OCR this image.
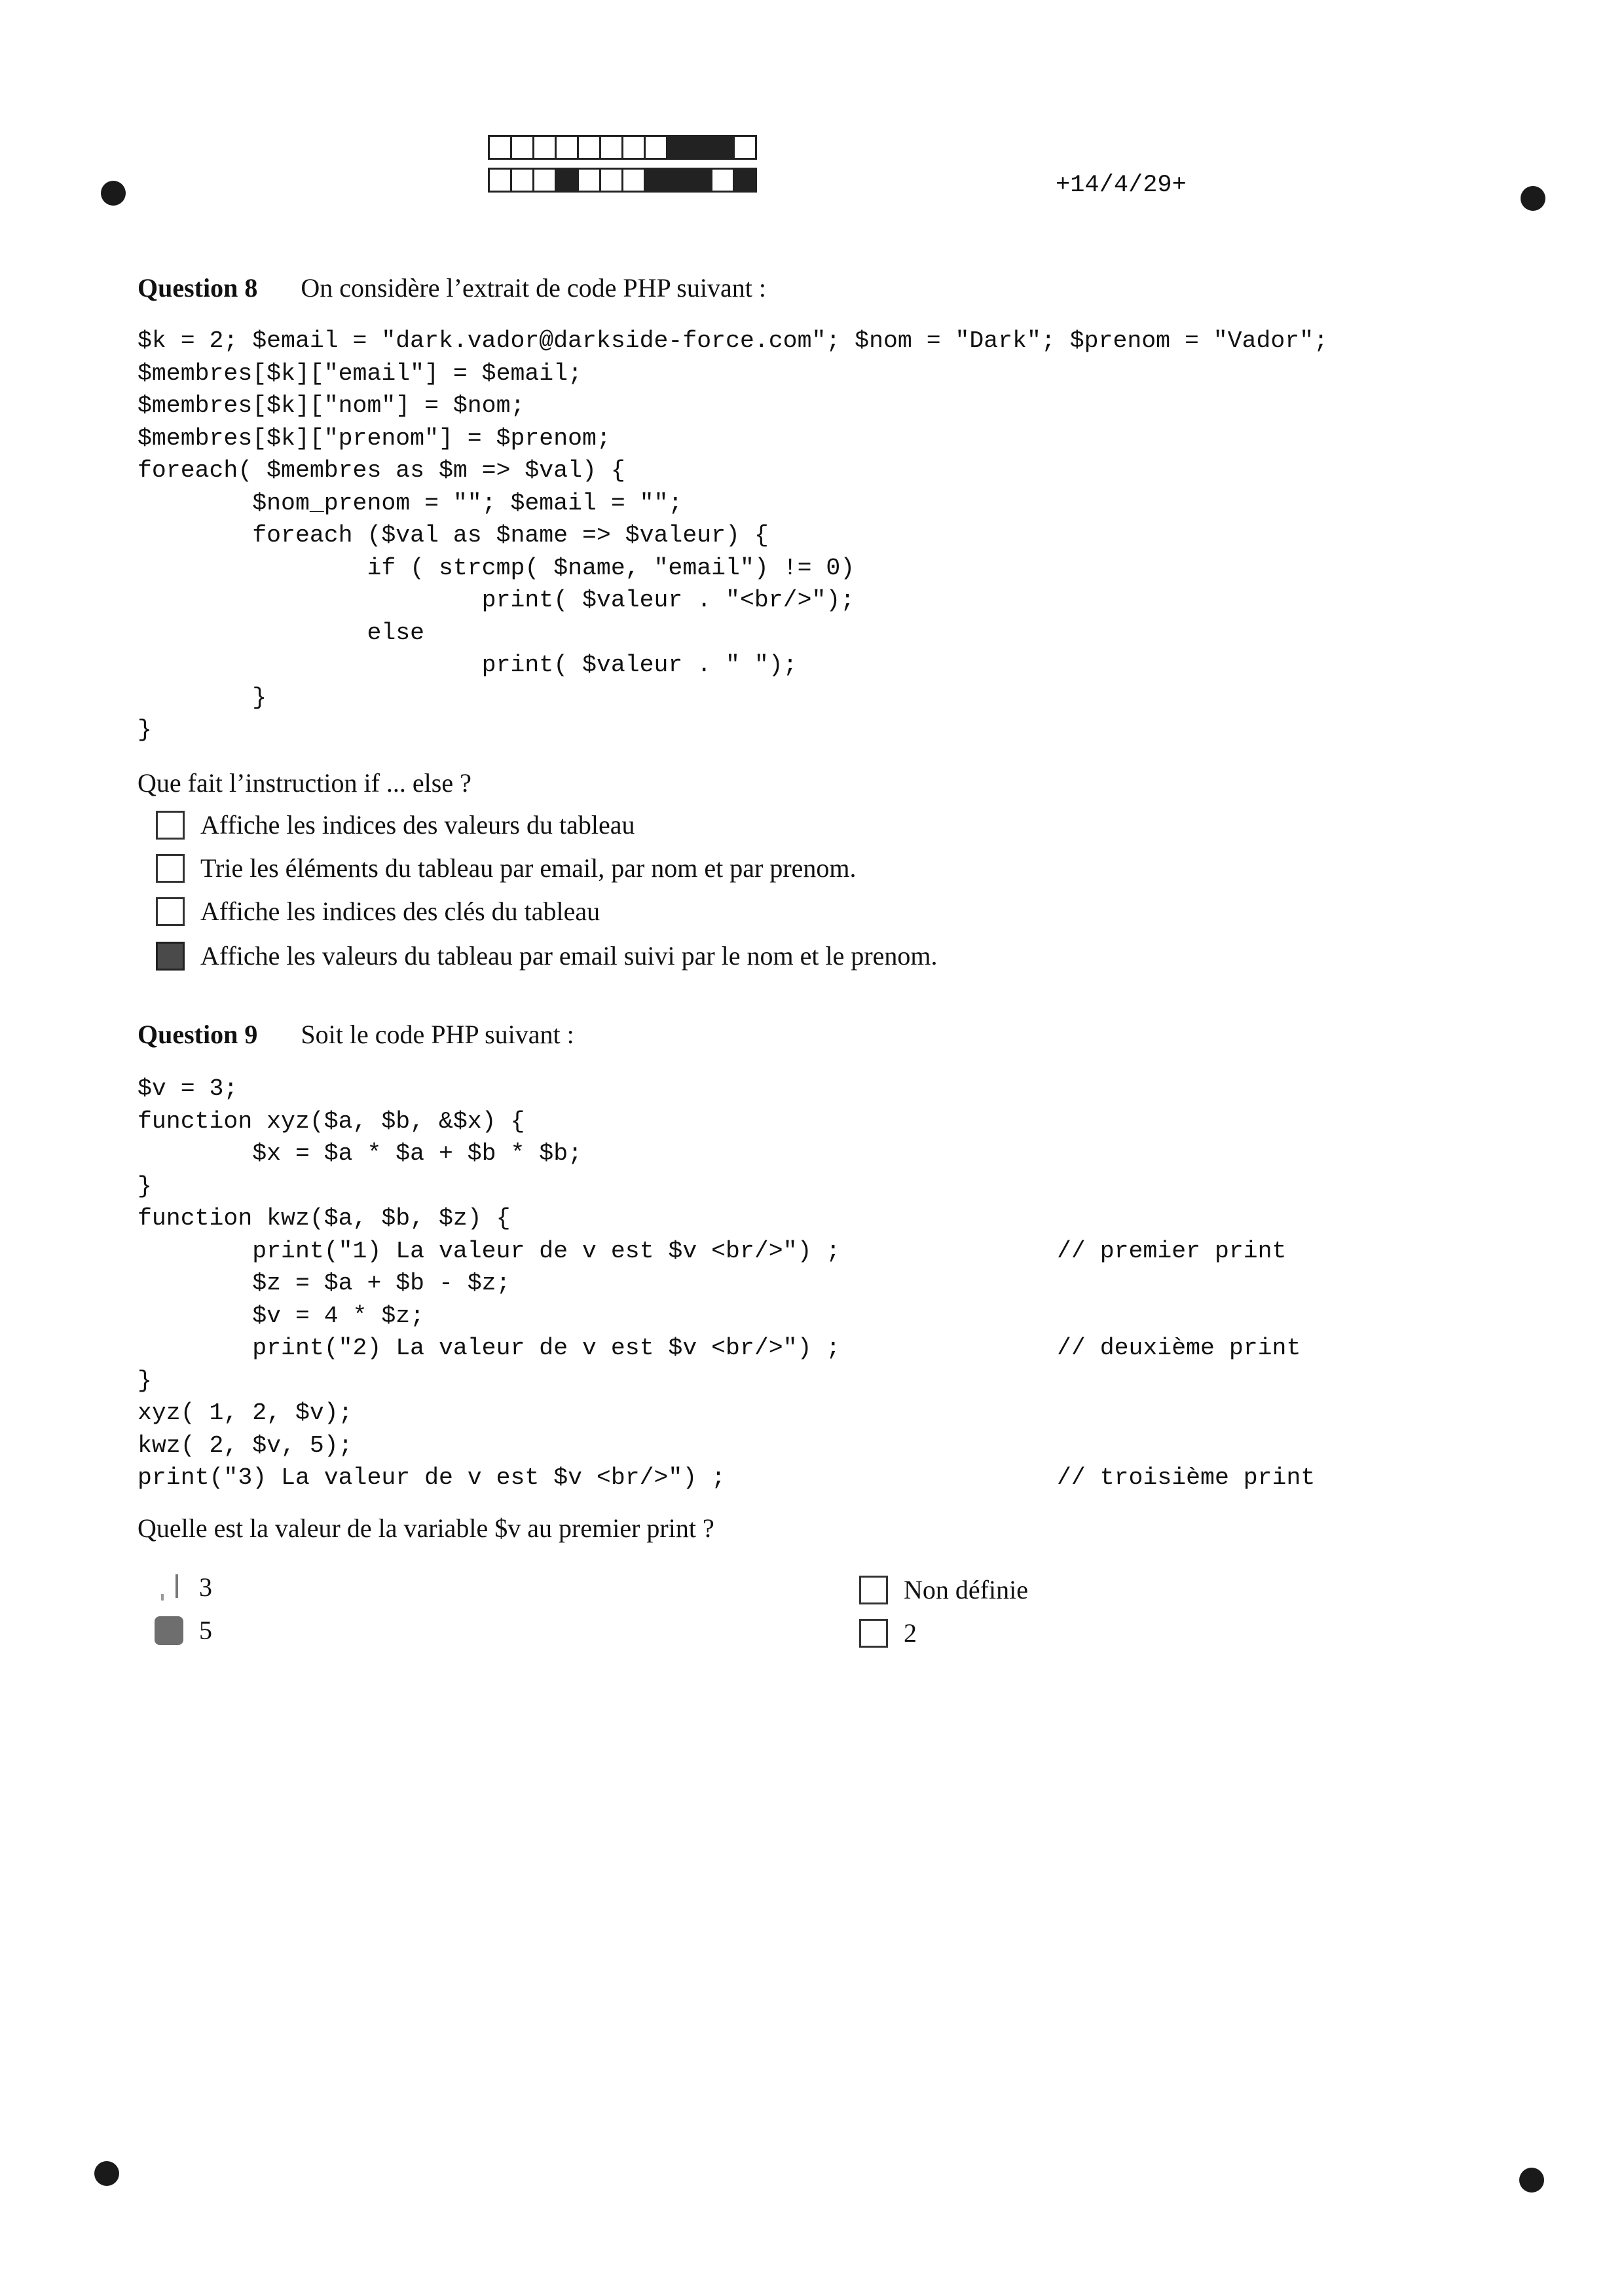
+14/4/29+
Question 8 On considère l’extrait de code PHP suivant :
$k = 2; $email = "dark.vador@darkside-force.com"; $nom = "Dark"; $prenom = "Vador";
$membres[$k]["email"] = $email;
$membres[$k]["nom"] = $nom;
$membres[$k]["prenom"] = $prenom;
foreach( $membres as $m => $val) {
$nom_prenom = ""; $email = "";
foreach ($val as $name => $valeur) {
if ( strcmp( $name, "email") != 0)
print( $valeur . "<br/>");
else
print( $valeur . " ");
}
}
Que fait l’instruction if ... else ?
Affiche les indices des valeurs du tableau
Trie les éléments du tableau par email, par nom et par prenom.
Affiche les indices des clés du tableau
Affiche les valeurs du tableau par email suivi par le nom et le prenom.
Question 9 Soit le code PHP suivant :
$v = 3;
function xyz($a, $b, &$x) {
$x = $a * $a + $b * $b;
}
function kwz($a, $b, $z) {
print("1) La valeur de v est $v <br/>") ;	// premier print
$z = $a + $b - $z;
$v = 4 * $z;
print("2) La valeur de v est $v <br/>") ;	// deuxième print
}
xyz( 1, 2, $v);
kwz( 2, $v, 5);
print("3) La valeur de v est $v <br/>") ;	// troisième print
Quelle est la valeur de la variable $v au premier print ?
3
5
Non définie
2
